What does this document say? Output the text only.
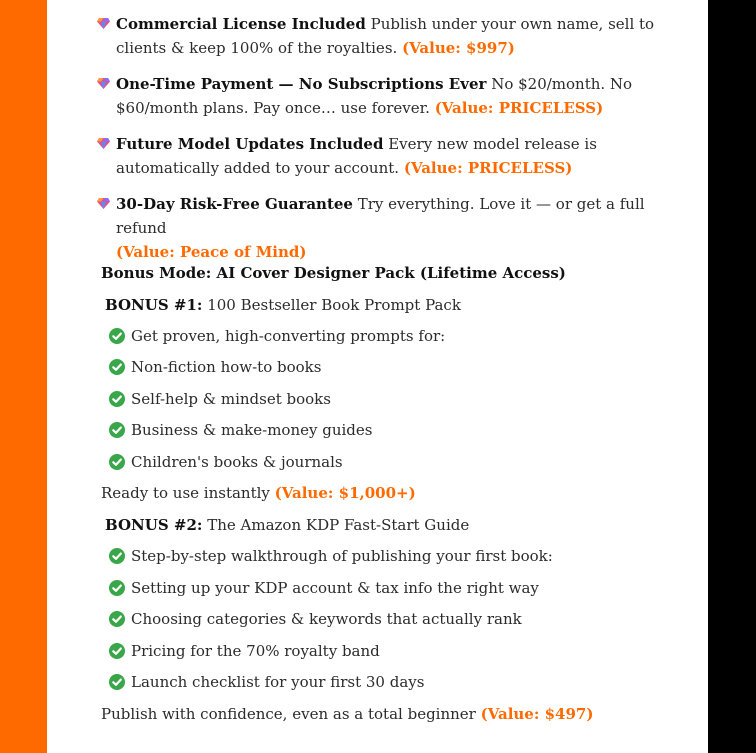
Commercial License Included Publish under your own name, sell to clients & keep 100% of the royalties. (Value: $997)
One-Time Payment — No Subscriptions Ever No $20/month. No $60/month plans. Pay once… use forever. (Value: PRICELESS)
Future Model Updates Included Every new model release is automatically added to your account. (Value: PRICELESS)
30-Day Risk-Free Guarantee Try everything. Love it — or get a full refund
(Value: Peace of Mind)
Bonus Mode: AI Cover Designer Pack (Lifetime Access)
BONUS #1: 100 Bestseller Book Prompt Pack
Get proven, high-converting prompts for:
Non-fiction how-to books
Self-help & mindset books
Business & make-money guides
Children's books & journals
Ready to use instantly (Value: $1,000+)
BONUS #2: The Amazon KDP Fast-Start Guide
Step-by-step walkthrough of publishing your first book:
Setting up your KDP account & tax info the right way
Choosing categories & keywords that actually rank
Pricing for the 70% royalty band
Launch checklist for your first 30 days
Publish with confidence, even as a total beginner (Value: $497)
